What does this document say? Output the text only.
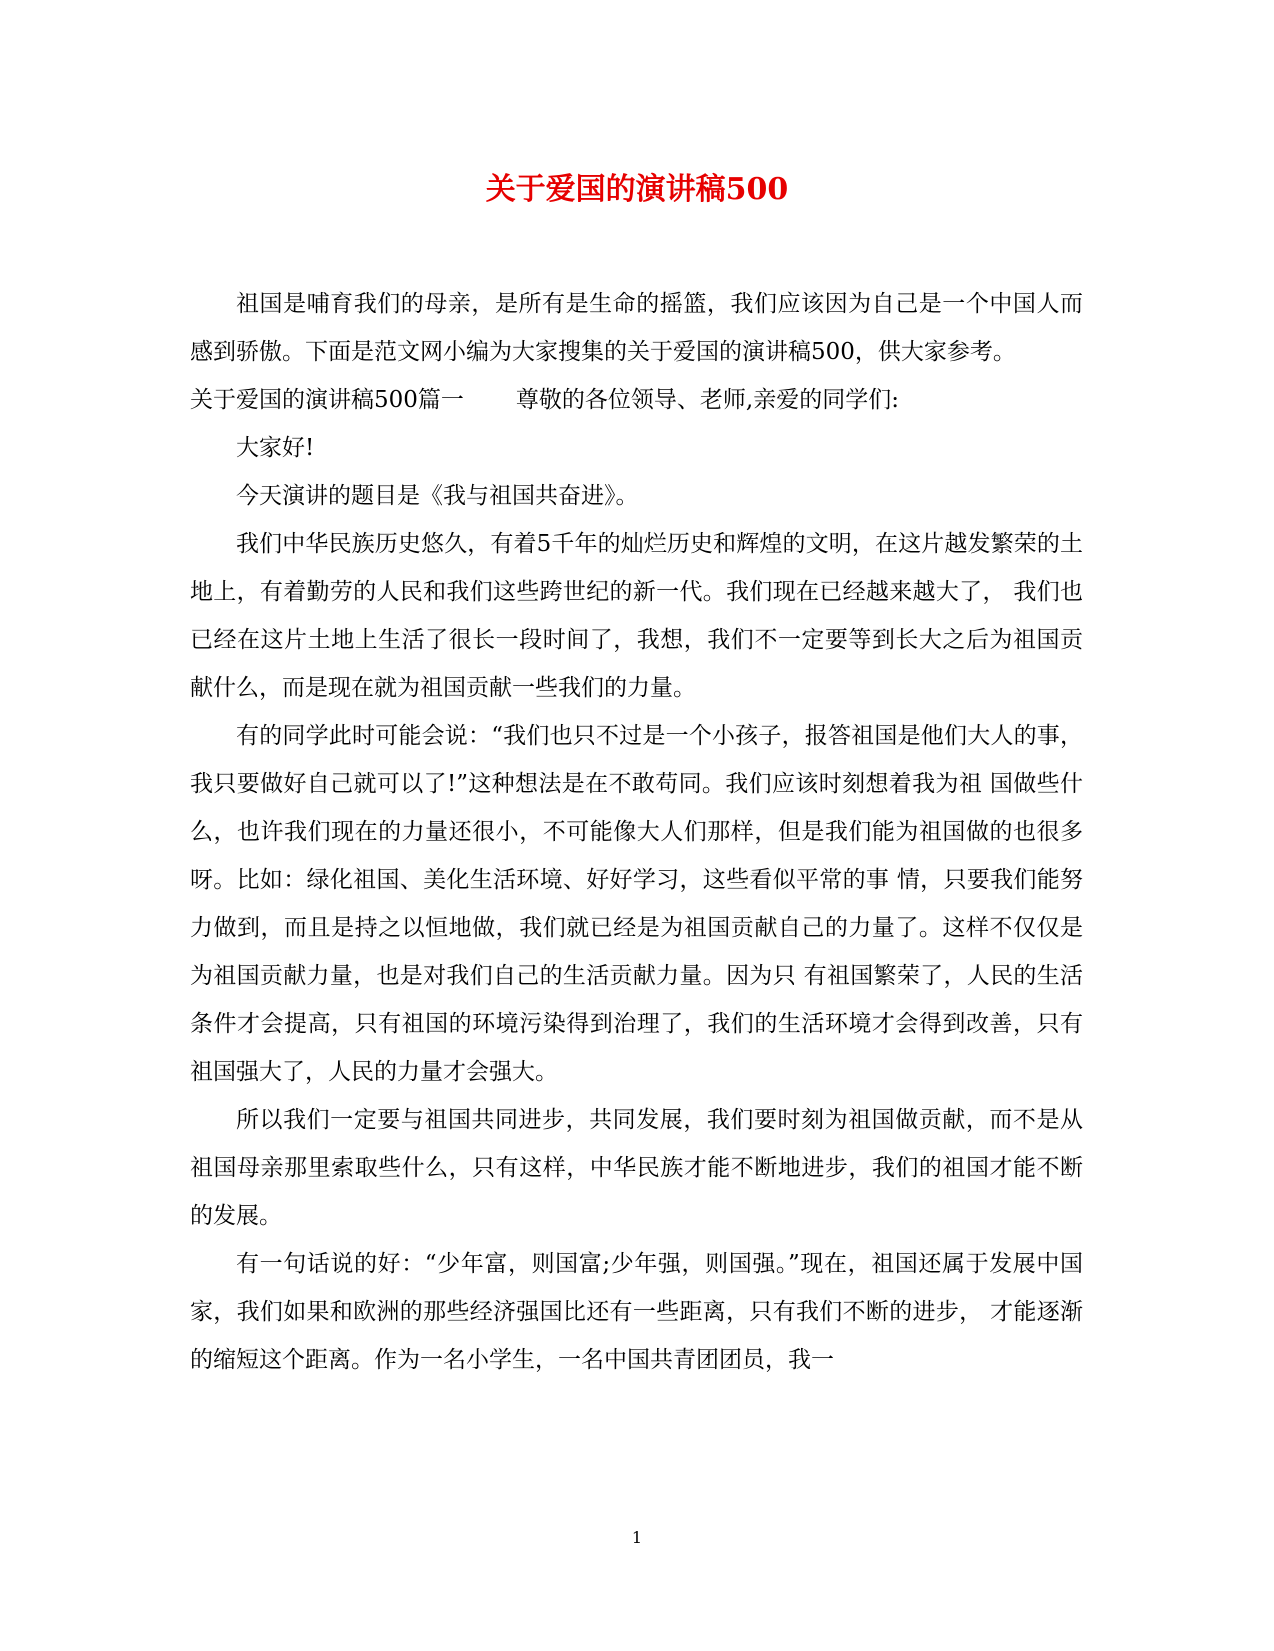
关于爱国的演讲稿500

祖国是哺育我们的母亲，是所有是生命的摇篮，我们应该因为自己是一个中国人而感到骄傲。下面是范文网小编为大家搜集的关于爱国的演讲稿500，供大家参考。

关于爱国的演讲稿500篇一 尊敬的各位领导、老师,亲爱的同学们:

大家好!

今天演讲的题目是《我与祖国共奋进》。

我们中华民族历史悠久，有着5千年的灿烂历史和辉煌的文明，在这片越发繁荣的土地上，有着勤劳的人民和我们这些跨世纪的新一代。我们现在已经越来越大了， 我们也已经在这片土地上生活了很长一段时间了，我想，我们不一定要等到长大之后为祖国贡献什么，而是现在就为祖国贡献一些我们的力量。

有的同学此时可能会说：“我们也只不过是一个小孩子，报答祖国是他们大人的事，我只要做好自己就可以了!”这种想法是在不敢苟同。我们应该时刻想着我为祖 国做些什么，也许我们现在的力量还很小，不可能像大人们那样，但是我们能为祖国做的也很多呀。比如：绿化祖国、美化生活环境、好好学习，这些看似平常的事 情，只要我们能努力做到，而且是持之以恒地做，我们就已经是为祖国贡献自己的力量了。这样不仅仅是为祖国贡献力量，也是对我们自己的生活贡献力量。因为只 有祖国繁荣了，人民的生活条件才会提高，只有祖国的环境污染得到治理了，我们的生活环境才会得到改善，只有祖国强大了，人民的力量才会强大。

所以我们一定要与祖国共同进步，共同发展，我们要时刻为祖国做贡献，而不是从祖国母亲那里索取些什么，只有这样，中华民族才能不断地进步，我们的祖国才能不断的发展。

有一句话说的好：“少年富，则国富;少年强，则国强。”现在，祖国还属于发展中国家，我们如果和欧洲的那些经济强国比还有一些距离，只有我们不断的进步， 才能逐渐的缩短这个距离。作为一名小学生，一名中国共青团团员，我一

1
